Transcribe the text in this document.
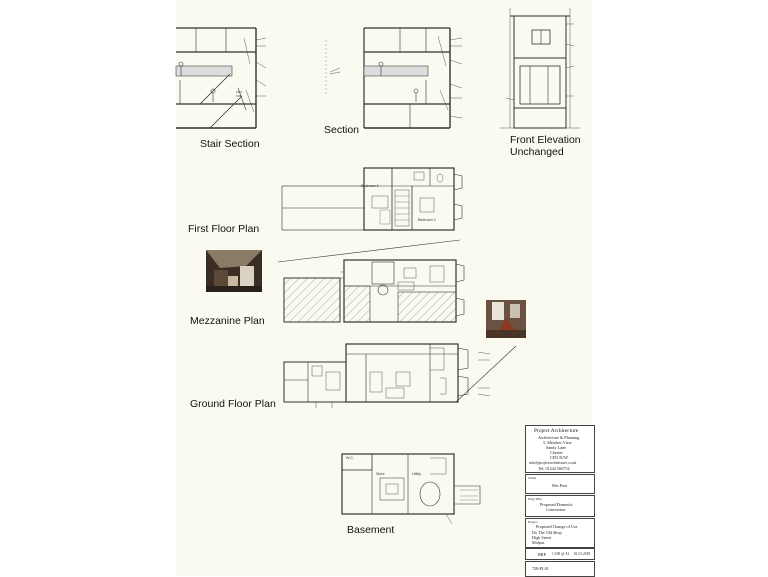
Bedroom 1
Bedroom 2
W.C.
Store	Utility
Stair Section
Section
Front Elevation
Unchanged
First Floor Plan
Mezzanine Plan
Ground Floor Plan
Basement
Project Architecture
Architecture & Planning
5, Meadow View
Sandy Lane
Chester
CH3 5UW
info@projectarchitecture.co.uk
Tel: 01244 566754
Client
Mrs Peat
Dwg Title
Proposed Domestic
Conversion
Project
Proposed Change of Use
Do The Old Shop
High Street
Malpas
BRP 1:100 @ A1 01.01.2018
728-PL01
